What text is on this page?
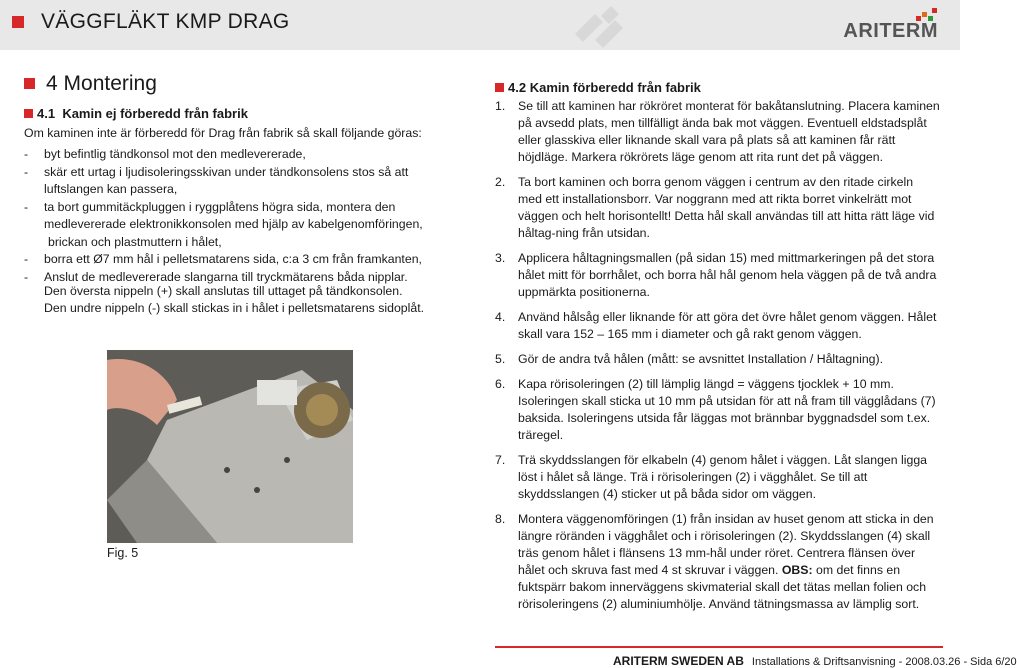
VÄGGFLÄKT KMP DRAG	ARITERM
4 Montering
4.1 Kamin ej förberedd från fabrik
Om kaminen inte är förberedd för Drag från fabrik så skall följande göras:
- byt befintlig tändkonsol mot den medlevererade,
- skär ett urtag i ljudisoleringsskivan under tändkonsolens stos så att luftslangen kan passera,
- ta bort gummitäckpluggen i ryggplåtens högra sida, montera den medlevererade elektronikkonsolen med hjälp av kabelgenomföringen,
brickan och plastmuttern i hålet,
- borra ett Ø7 mm hål i pelletsmatarens sida, c:a 3 cm från framkanten,
- Anslut de medlevererade slangarna till tryckmätarens båda nipplar.
Den översta nippeln (+) skall anslutas till uttaget på tändkonsolen.
Den undre nippeln (-) skall stickas in i hålet i pelletsmatarens sidoplåt.
Fig. 5
4.2 Kamin förberedd från fabrik
1. Se till att kaminen har rökröret monterat för bakåtanslutning. Placera kaminen på avsedd plats, men tillfälligt ända bak mot väggen. Eventuell eldstadsplåt eller glasskiva eller liknande skall vara på plats så att kaminen får rätt höjdläge. Markera rökrörets läge genom att rita runt det på väggen.
2. Ta bort kaminen och borra genom väggen i centrum av den ritade cirkeln med ett installationsborr. Var noggrann med att rikta borret vinkelrätt mot väggen och helt horisontellt! Detta hål skall användas till att hitta rätt läge vid håltag-ning från utsidan.
3. Applicera håltagningsmallen (på sidan 15) med mittmarkeringen på det stora hålet mitt för borrhålet, och borra hål hål genom hela väggen på de två andra uppmärkta positionerna.
4. Använd hålsåg eller liknande för att göra det övre hålet genom väggen. Hålet skall vara 152 – 165 mm i diameter och gå rakt genom väggen.
5. Gör de andra två hålen (mått: se avsnittet Installation / Håltagning).
6. Kapa rörisoleringen (2) till lämplig längd = väggens tjocklek + 10 mm. Isoleringen skall sticka ut 10 mm på utsidan för att nå fram till vägglådans (7) baksida. Isoleringens utsida får läggas mot brännbar byggnadsdel som t.ex. träregel.
7. Trä skyddsslangen för elkabeln (4) genom hålet i väggen. Låt slangen ligga löst i hålet så länge. Trä i rörisoleringen (2) i vägghålet. Se till att skyddsslangen (4) sticker ut på båda sidor om väggen.
8. Montera väggenomföringen (1) från insidan av huset genom att sticka in den längre röränden i vägghålet och i rörisoleringen (2). Skyddsslangen (4) skall träs genom hålet i flänsens 13 mm-hål under röret. Centrera flänsen över hålet och skruva fast med 4 st skruvar i väggen. OBS: om det finns en fuktspärr bakom innerväggens skivmaterial skall det tätas mellan folien och rörisoleringens (2) aluminiumhölje. Använd tätningsmassa av lämplig sort.
ARITERM SWEDEN AB Installations & Driftsanvisning - 2008.03.26 - Sida 6/20
